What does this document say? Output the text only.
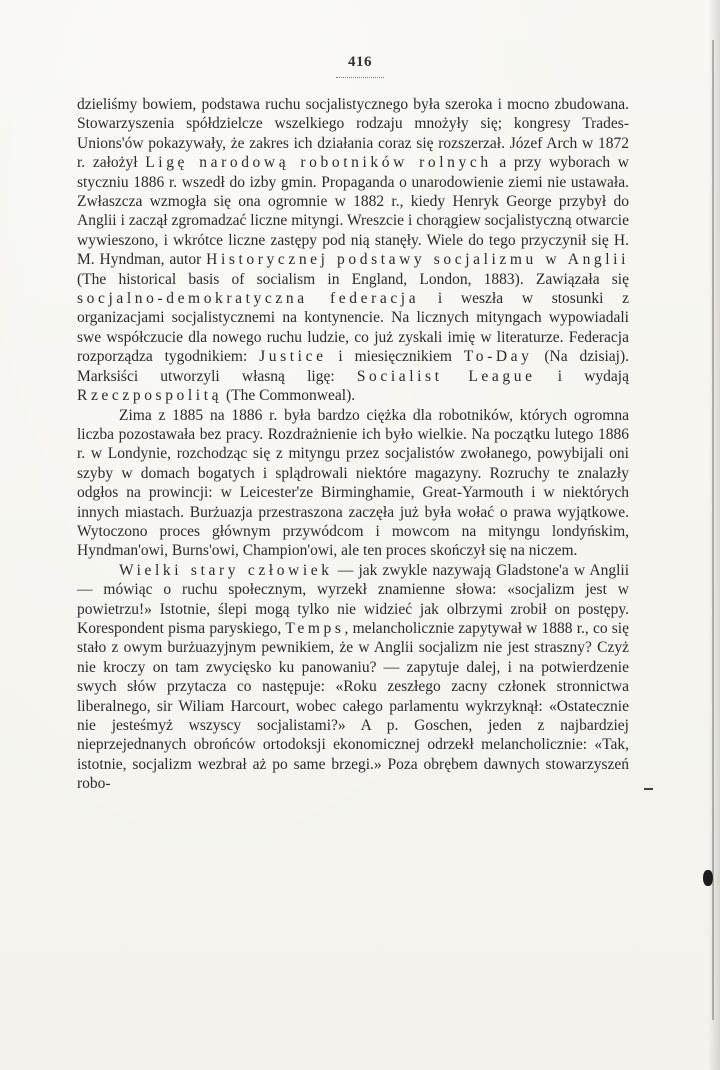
416

dzieliśmy bowiem, podstawa ruchu socjalistycznego była szeroka i mocno zbudowana. Stowarzyszenia spółdzielcze wszelkiego rodzaju mnożyły się; kongresy Trades-Unions'ów pokazywały, że zakres ich działania coraz się rozszerzał. Józef Arch w 1872 r. założył Ligę narodową robotników rolnych a przy wyborach w styczniu 1886 r. wszedł do izby gmin. Propaganda o unarodowienie ziemi nie ustawała. Zwłaszcza wzmogła się ona ogromnie w 1882 r., kiedy Henryk George przybył do Anglii i zaczął zgromadzać liczne mityngi. Wreszcie i chorągiew socjalistyczną otwarcie wywieszono, i wkrótce liczne zastępy pod nią stanęły. Wiele do tego przyczynił się H. M. Hyndman, autor Historycznej podstawy socjalizmu w Anglii (The historical basis of socialism in England, London, 1883). Zawiązała się socjalno-demokratyczna federacja i weszła w stosunki z organizacjami socjalistycznemi na kontynencie. Na licznych mityngach wypowiadali swe współczucie dla nowego ruchu ludzie, co już zyskali imię w literaturze. Federacja rozporządza tygodnikiem: Justice i miesięcznikiem To-Day (Na dzisiaj). Marksiści utworzyli własną ligę: Socialist League i wydają Rzeczpospolitą (The Commonweal).

Zima z 1885 na 1886 r. była bardzo ciężka dla robotników, których ogromna liczba pozostawała bez pracy. Rozdrażnienie ich było wielkie. Na początku lutego 1886 r. w Londynie, rozchodząc się z mityngu przez socjalistów zwołanego, powybijali oni szyby w domach bogatych i splądrowali niektóre magazyny. Rozruchy te znalazły odgłos na prowincji: w Leicester'ze Birminghamie, Great-Yarmouth i w niektórych innych miastach. Burżuazja przestraszona zaczęła już była wołać o prawa wyjątkowe. Wytoczono proces głównym przywódcom i mowcom na mityngu londyńskim, Hyndman'owi, Burns'owi, Champion'owi, ale ten proces skończył się na niczem.

Wielki stary człowiek — jak zwykle nazywają Gladstone'a w Anglii — mówiąc o ruchu społecznym, wyrzekł znamienne słowa: «socjalizm jest w powietrzu!» Istotnie, ślepi mogą tylko nie widzieć jak olbrzymi zrobił on postępy. Korespondent pisma paryskiego, Temps, melancholicznie zapytywał w 1888 r., co się stało z owym burżuazyjnym pewnikiem, że w Anglii socjalizm nie jest straszny? Czyż nie kroczy on tam zwycięsko ku panowaniu? — zapytuje dalej, i na potwierdzenie swych słów przytacza co następuje: «Roku zeszłego zacny członek stronnictwa liberalnego, sir Wiliam Harcourt, wobec całego parlamentu wykrzyknął: «Ostatecznie nie jesteśmyż wszyscy socjalistami?» A p. Goschen, jeden z najbardziej nieprzejednanych obrońców ortodoksji ekonomicznej odrzekł melancholicznie: «Tak, istotnie, socjalizm wezbrał aż po same brzegi.» Poza obrębem dawnych stowarzyszeń robo-
